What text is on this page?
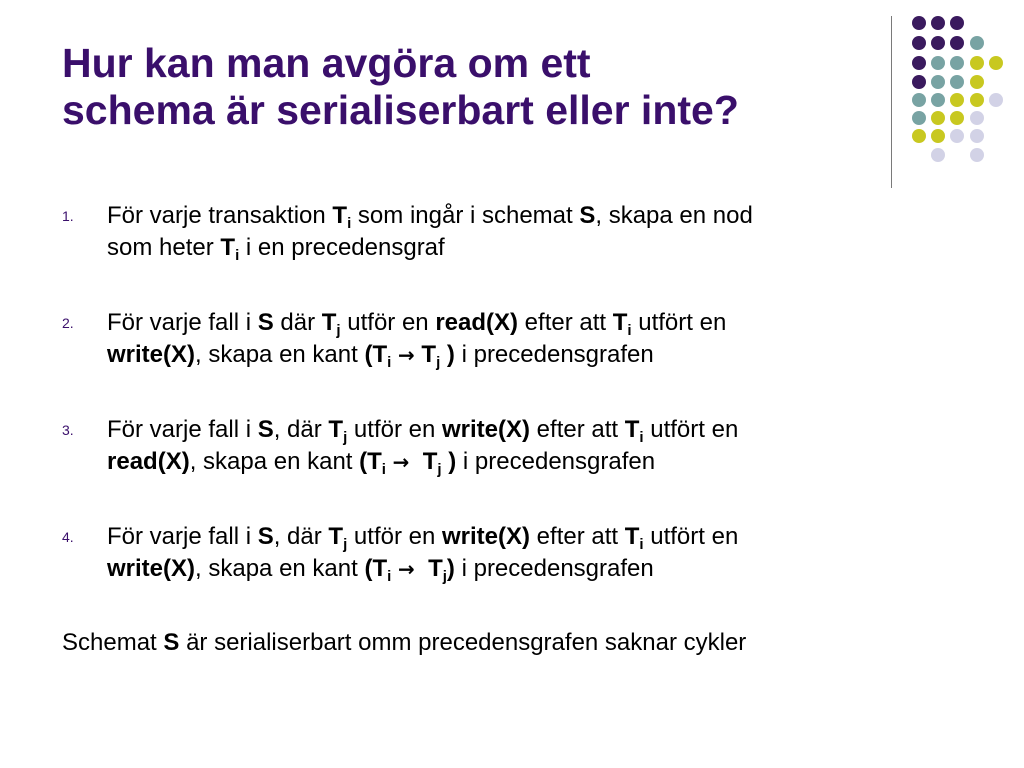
Hur kan man avgöra om ett
schema är serialiserbart eller inte?
1. För varje transaktion $T_i$ som ingår i schemat S, skapa en nod
som heter $T_i$ i en precedensgraf
2. För varje fall i S där $T_j$ utför en read(X) efter att $T_i$ utfört en
write(X), skapa en kant ($T_i \to T_j$ ) i precedensgrafen
3. För varje fall i S, där $T_j$ utför en write(X) efter att $T_i$ utfört en
read(X), skapa en kant ($T_i \to T_j$ ) i precedensgrafen
4. För varje fall i S, där $T_j$ utför en write(X) efter att $T_i$ utfört en
write(X), skapa en kant $(T_i \to T_j)$ i precedensgrafen

Schemat S är serialiserbart omm precedensgrafen saknar cykler
